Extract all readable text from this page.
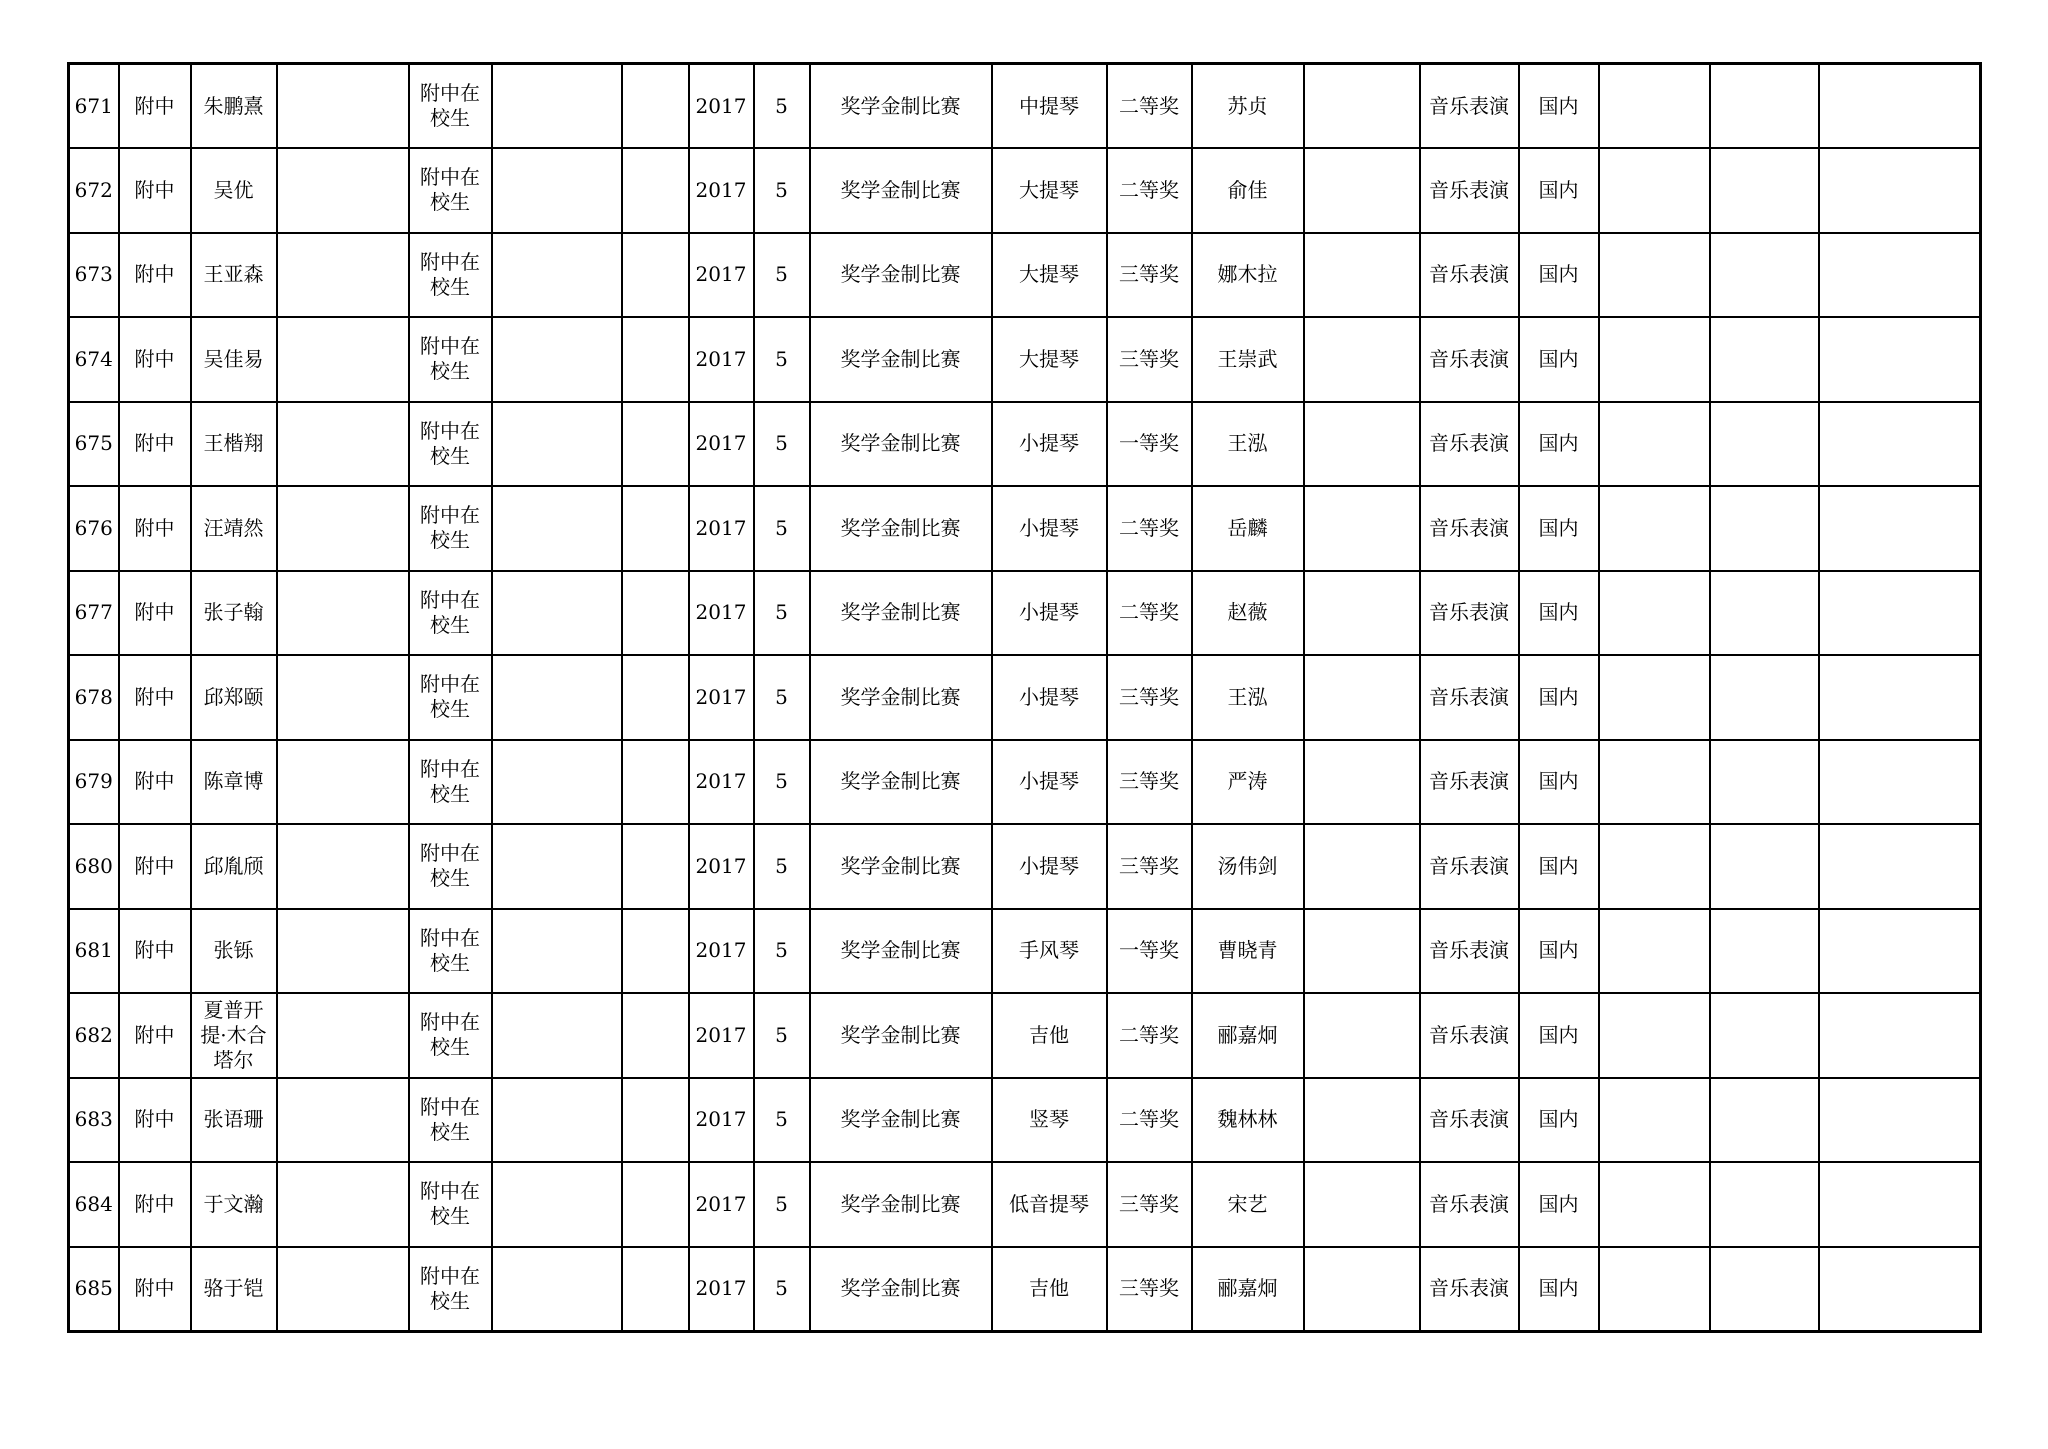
671	附中	朱鹏熹		附中在校生			2017	5	奖学金制比赛	中提琴	二等奖	苏贞		音乐表演	国内			
672	附中	吴优		附中在校生			2017	5	奖学金制比赛	大提琴	二等奖	俞佳		音乐表演	国内			
673	附中	王亚森		附中在校生			2017	5	奖学金制比赛	大提琴	三等奖	娜木拉		音乐表演	国内			
674	附中	吴佳易		附中在校生			2017	5	奖学金制比赛	大提琴	三等奖	王崇武		音乐表演	国内			
675	附中	王楷翔		附中在校生			2017	5	奖学金制比赛	小提琴	一等奖	王泓		音乐表演	国内			
676	附中	汪靖然		附中在校生			2017	5	奖学金制比赛	小提琴	二等奖	岳麟		音乐表演	国内			
677	附中	张子翰		附中在校生			2017	5	奖学金制比赛	小提琴	二等奖	赵薇		音乐表演	国内			
678	附中	邱郑颐		附中在校生			2017	5	奖学金制比赛	小提琴	三等奖	王泓		音乐表演	国内			
679	附中	陈章博		附中在校生			2017	5	奖学金制比赛	小提琴	三等奖	严涛		音乐表演	国内			
680	附中	邱胤颀		附中在校生			2017	5	奖学金制比赛	小提琴	三等奖	汤伟剑		音乐表演	国内			
681	附中	张铄		附中在校生			2017	5	奖学金制比赛	手风琴	一等奖	曹晓青		音乐表演	国内			
682	附中	夏普开提·木合塔尔		附中在校生			2017	5	奖学金制比赛	吉他	二等奖	郦嘉炯		音乐表演	国内			
683	附中	张语珊		附中在校生			2017	5	奖学金制比赛	竖琴	二等奖	魏林林		音乐表演	国内			
684	附中	于文瀚		附中在校生			2017	5	奖学金制比赛	低音提琴	三等奖	宋艺		音乐表演	国内			
685	附中	骆于铠		附中在校生			2017	5	奖学金制比赛	吉他	三等奖	郦嘉炯		音乐表演	国内			
